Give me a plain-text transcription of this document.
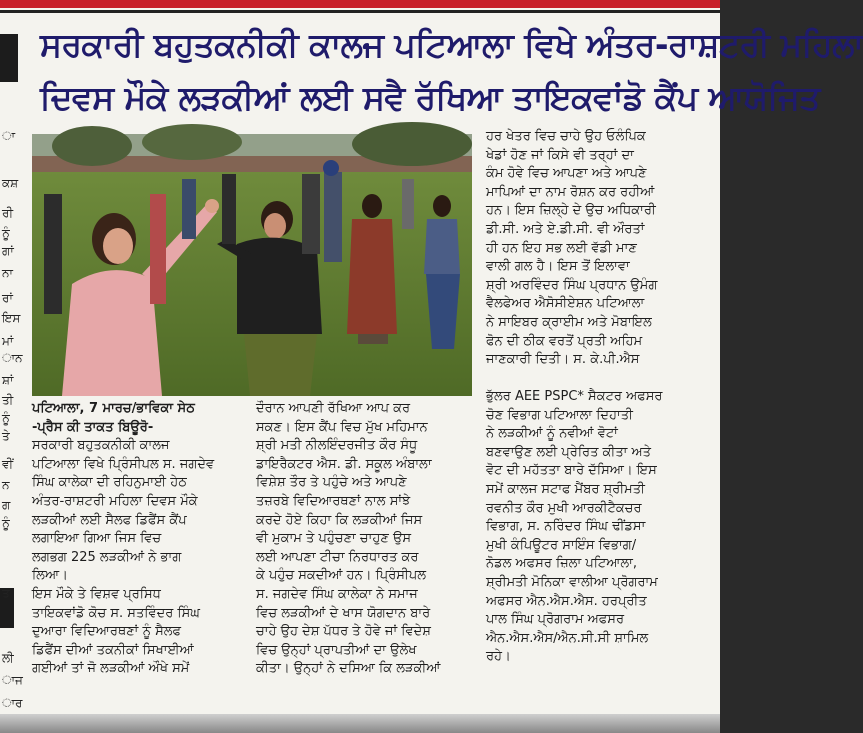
ਾ
ਕਸ਼
ਰੀ
ਨੂੰ
ਗਾਂ
ਨਾ
ਰਾਂ
ਇਸ
ਮਾਂ
ਾਨ
ਸ਼ਾਂ
ਤੀ
ਨੂੰ
ਤੇ
ਵੀਂ
ਨ
ਗ
ਨੂੰ
ਤ
ਲੀ
ਾਜ
ਾਰ
ਸਰਕਾਰੀ ਬਹੁਤਕਨੀਕੀ ਕਾਲਜ ਪਟਿਆਲਾ ਵਿਖੇ ਅੰਤਰ-ਰਾਸ਼ਟਰੀ ਮਹਿਲਾ
ਦਿਵਸ ਮੌਕੇ ਲੜਕੀਆਂ ਲਈ ਸਵੈ ਰੱਖਿਆ ਤਾਇਕਵਾਂਡੋ ਕੈਂਪ ਆਯੋਜਿਤ
ਹਰ ਖੇਤਰ ਵਿਚ ਚਾਹੇ ਉਹ ਓਲੰਪਿਕ
ਖੇਡਾਂ ਹੋਣ ਜਾਂ ਕਿਸੇ ਵੀ ਤਰ੍ਹਾਂ ਦਾ
ਕੰਮ ਹੋਵੇ ਵਿਚ ਆਪਣਾ ਅਤੇ ਆਪਣੇ
ਮਾਪਿਆਂ ਦਾ ਨਾਮ ਰੋਸ਼ਨ ਕਰ ਰਹੀਆਂ
ਹਨ। ਇਸ ਜ਼ਿਲ੍ਹੇ ਦੇ ਉਚ ਅਧਿਕਾਰੀ
ਡੀ.ਸੀ. ਅਤੇ ਏ.ਡੀ.ਸੀ. ਵੀ ਔਰਤਾਂ
ਹੀ ਹਨ ਇਹ ਸਭ ਲਈ ਵੱਡੀ ਮਾਣ
ਵਾਲੀ ਗਲ ਹੈ। ਇਸ ਤੋਂ ਇਲਾਵਾ
ਸ਼੍ਰੀ ਅਰਵਿੰਦਰ ਸਿੰਘ ਪ੍ਰਧਾਨ ਉਮੰਗ
ਵੈਲਫੇਅਰ ਐਸੋਸੀਏਸ਼ਨ ਪਟਿਆਲਾ
ਨੇ ਸਾਇਬਰ ਕ੍ਰਾਈਮ ਅਤੇ ਮੋਬਾਇਲ
ਫੋਨ ਦੀ ਠੀਕ ਵਰਤੋਂ ਪ੍ਰਤੀ ਅਹਿਮ
ਜਾਣਕਾਰੀ ਦਿਤੀ। ਸ. ਕੇ.ਪੀ.ਐਸ
ਪਟਿਆਲਾ, 7 ਮਾਰਚ/ਭਾਵਿਕਾ ਸੇਠ
-ਪ੍ਰੈਸ ਕੀ ਤਾਕਤ ਬਿਊਰੋ-
ਸਰਕਾਰੀ ਬਹੁਤਕਨੀਕੀ ਕਾਲਜ
ਪਟਿਆਲਾ ਵਿਖੇ ਪ੍ਰਿੰਸੀਪਲ ਸ. ਜਗਦੇਵ
ਸਿੰਘ ਕਾਲੇਕਾ ਦੀ ਰਹਿਨੁਮਾਈ ਹੇਠ
ਅੰਤਰ-ਰਾਸ਼ਟਰੀ ਮਹਿਲਾ ਦਿਵਸ ਮੌਕੇ
ਲੜਕੀਆਂ ਲਈ ਸੈਲਫ ਡਿਫੈਂਸ ਕੈਂਪ
ਲਗਾਇਆ ਗਿਆ ਜਿਸ ਵਿਚ
ਲਗਭਗ 225 ਲੜਕੀਆਂ ਨੇ ਭਾਗ
ਲਿਆ।
ਇਸ ਮੌਕੇ ਤੇ ਵਿਸ਼ਵ ਪ੍ਰਸਿਧ
ਤਾਇਕਵਾਂਡੋ ਕੋਚ ਸ. ਸਤਵਿੰਦਰ ਸਿੰਘ
ਦੁਆਰਾ ਵਿਦਿਆਰਥਣਾਂ ਨੂੰ ਸੈਲਫ
ਡਿਫੈਂਸ ਦੀਆਂ ਤਕਨੀਕਾਂ ਸਿਖਾਈਆਂ
ਗਈਆਂ ਤਾਂ ਜੋ ਲੜਕੀਆਂ ਔਖੇ ਸਮੇਂ
ਦੌਰਾਨ ਆਪਣੀ ਰੱਖਿਆ ਆਪ ਕਰ
ਸਕਣ। ਇਸ ਕੈਂਪ ਵਿਚ ਮੁੱਖ ਮਹਿਮਾਨ
ਸ਼੍ਰੀ ਮਤੀ ਨੀਲਇੰਦਰਜੀਤ ਕੌਰ ਸੰਧੂ
ਡਾਇਰੈਕਟਰ ਐਸ. ਡੀ. ਸਕੂਲ ਅੰਬਾਲਾ
ਵਿਸ਼ੇਸ਼ ਤੌਰ ਤੇ ਪਹੁੰਚੇ ਅਤੇ ਆਪਣੇ
ਤਜ਼ਰਬੇ ਵਿਦਿਆਰਥਣਾਂ ਨਾਲ ਸਾਂਝੇ
ਕਰਦੇ ਹੋਏ ਕਿਹਾ ਕਿ ਲੜਕੀਆਂ ਜਿਸ
ਵੀ ਮੁਕਾਮ ਤੇ ਪਹੁੰਚਣਾ ਚਾਹੁਣ ਉਸ
ਲਈ ਆਪਣਾ ਟੀਚਾ ਨਿਰਧਾਰਤ ਕਰ
ਕੇ ਪਹੁੰਚ ਸਕਦੀਆਂ ਹਨ। ਪ੍ਰਿੰਸੀਪਲ
ਸ. ਜਗਦੇਵ ਸਿੰਘ ਕਾਲੇਕਾ ਨੇ ਸਮਾਜ
ਵਿਚ ਲੜਕੀਆਂ ਦੇ ਖਾਸ ਯੋਗਦਾਨ ਬਾਰੇ
ਚਾਹੇ ਉਹ ਦੇਸ਼ ਪੱਧਰ ਤੇ ਹੋਵੇ ਜਾਂ ਵਿਦੇਸ਼
ਵਿਚ ਉਨ੍ਹਾਂ ਪ੍ਰਾਪਤੀਆਂ ਦਾ ਉਲੇਖ
ਕੀਤਾ। ਉਨ੍ਹਾਂ ਨੇ ਦਸਿਆ ਕਿ ਲੜਕੀਆਂ
ਭੁੱਲਰ AEE PSPC* ਸੈਕਟਰ ਅਫਸਰ
ਚੋਣ ਵਿਭਾਗ ਪਟਿਆਲਾ ਦਿਹਾਤੀ
ਨੇ ਲੜਕੀਆਂ ਨੂੰ ਨਵੀਆਂ ਵੋਟਾਂ
ਬਣਵਾਉਣ ਲਈ ਪ੍ਰੇਰਿਤ ਕੀਤਾ ਅਤੇ
ਵੋਟ ਦੀ ਮਹੱਤਤਾ ਬਾਰੇ ਦੱਸਿਆ। ਇਸ
ਸਮੇਂ ਕਾਲਜ ਸਟਾਫ ਮੈਂਬਰ ਸ਼੍ਰੀਮਤੀ
ਰਵਨੀਤ ਕੌਰ ਮੁਖੀ ਆਰਕੀਟੈਕਚਰ
ਵਿਭਾਗ, ਸ. ਨਰਿੰਦਰ ਸਿੰਘ ਢੀਂਡਸਾ
ਮੁਖੀ ਕੰਪਿਊਟਰ ਸਾਇੰਸ ਵਿਭਾਗ/
ਨੋਡਲ ਅਫਸਰ ਜ਼ਿਲਾ ਪਟਿਆਲਾ,
ਸ਼੍ਰੀਮਤੀ ਮੋਨਿਕਾ ਵਾਲੀਆ ਪ੍ਰੋਗਰਾਮ
ਅਫਸਰ ਐਨ.ਐਸ.ਐਸ. ਹਰਪ੍ਰੀਤ
ਪਾਲ ਸਿੰਘ ਪ੍ਰੋਗਰਾਮ ਅਫਸਰ
ਐਨ.ਐਸ.ਐਸ/ਐਨ.ਸੀ.ਸੀ ਸ਼ਾਮਿਲ
ਰਹੇ।
